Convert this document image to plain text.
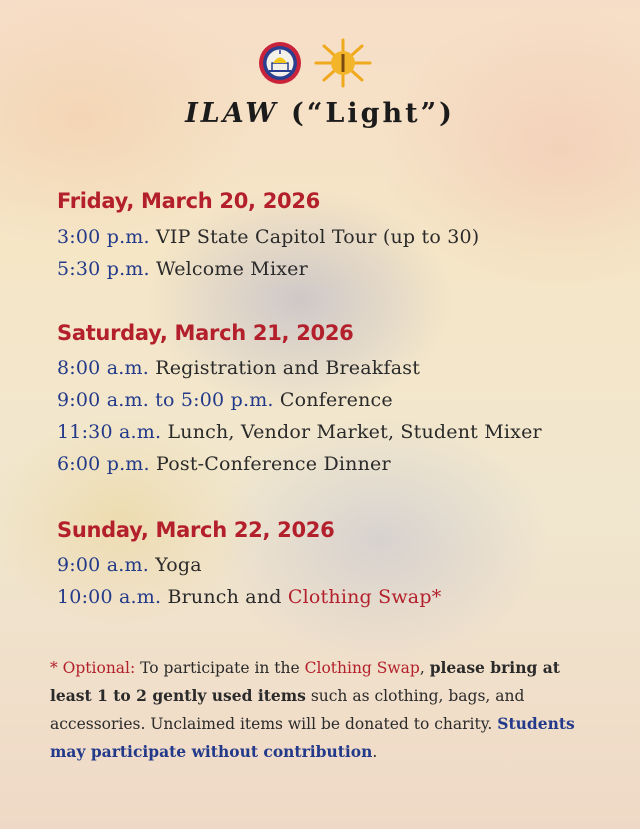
ILAW (“Light”)
Friday, March 20, 2026
3:00 p.m. VIP State Capitol Tour (up to 30)
5:30 p.m. Welcome Mixer
Saturday, March 21, 2026
8:00 a.m. Registration and Breakfast
9:00 a.m. to 5:00 p.m. Conference
11:30 a.m. Lunch, Vendor Market, Student Mixer
6:00 p.m. Post-Conference Dinner
Sunday, March 22, 2026
9:00 a.m. Yoga
10:00 a.m. Brunch and Clothing Swap*
* Optional: To participate in the Clothing Swap, please bring at least 1 to 2 gently used items such as clothing, bags, and accessories. Unclaimed items will be donated to charity. Students may participate without contribution.
